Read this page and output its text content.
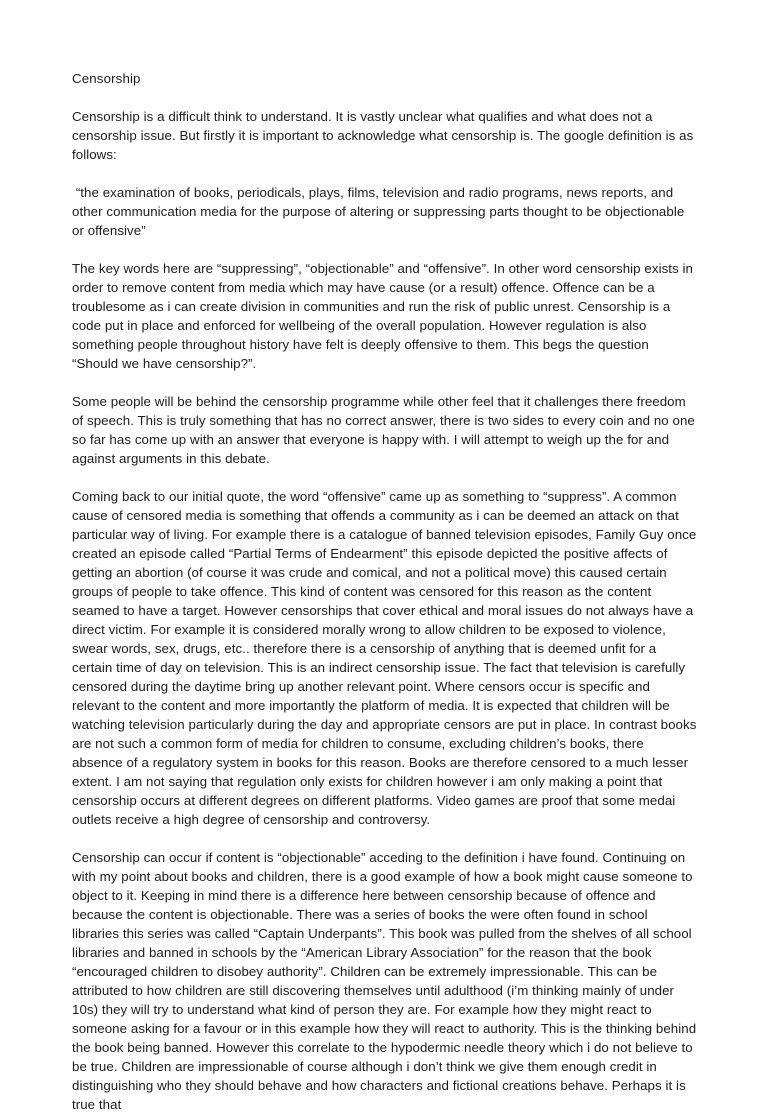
Censorship

Censorship is a difficult think to understand. It is vastly unclear what qualifies and what does not a censorship issue. But firstly it is important to acknowledge what censorship is. The google definition is as follows:

“the examination of books, periodicals, plays, films, television and radio programs, news reports, and other communication media for the purpose of altering or suppressing parts thought to be objectionable or offensive”

The key words here are “suppressing”, “objectionable” and “offensive”. In other word censorship exists in order to remove content from media which may have cause (or a result) offence. Offence can be a troublesome as i can create division in communities and run the risk of public unrest. Censorship is a code put in place and enforced for wellbeing of the overall population. However regulation is also something people throughout history have felt is deeply offensive to them. This begs the question “Should we have censorship?”.

Some people will be behind the censorship programme while other feel that it challenges there freedom of speech. This is truly something that has no correct answer, there is two sides to every coin and no one so far has come up with an answer that everyone is happy with. I will attempt to weigh up the for and against arguments in this debate.

Coming back to our initial quote, the word “offensive” came up as something to “suppress”. A common cause of censored media is something that offends a community as i can be deemed an attack on that particular way of living. For example there is a catalogue of banned television episodes, Family Guy once created an episode called “Partial Terms of Endearment” this episode depicted the positive affects of getting an abortion (of course it was crude and comical, and not a political move) this caused certain groups of people to take offence. This kind of content was censored for this reason as the content seamed to have a target. However censorships that cover ethical and moral issues do not always have a direct victim. For example it is considered morally wrong to allow children to be exposed to violence, swear words, sex, drugs, etc.. therefore there is a censorship of anything that is deemed unfit for a certain time of day on television. This is an indirect censorship issue. The fact that television is carefully censored during the daytime bring up another relevant point. Where censors occur is specific and relevant to the content and more importantly the platform of media. It is expected that children will be watching television particularly during the day and appropriate censors are put in place. In contrast books are not such a common form of media for children to consume, excluding children’s books, there absence of a regulatory system in books for this reason. Books are therefore censored to a much lesser extent. I am not saying that regulation only exists for children however i am only making a point that censorship occurs at different degrees on different platforms. Video games are proof that some medai outlets receive a high degree of censorship and controversy.

Censorship can occur if content is “objectionable” acceding to the definition i have found. Continuing on with my point about books and children, there is a good example of how a book might cause someone to object to it. Keeping in mind there is a difference here between censorship because of offence and because the content is objectionable. There was a series of books the were often found in school libraries this series was called “Captain Underpants”. This book was pulled from the shelves of all school libraries and banned in schools by the “American Library Association” for the reason that the book “encouraged children to disobey authority”. Children can be extremely impressionable. This can be attributed to how children are still discovering themselves until adulthood (i’m thinking mainly of under 10s) they will try to understand what kind of person they are. For example how they might react to someone asking for a favour or in this example how they will react to authority. This is the thinking behind the book being banned. However this correlate to the hypodermic needle theory which i do not believe to be true. Children are impressionable of course although i don’t think we give them enough credit in distinguishing who they should behave and how characters and fictional creations behave. Perhaps it is true that
